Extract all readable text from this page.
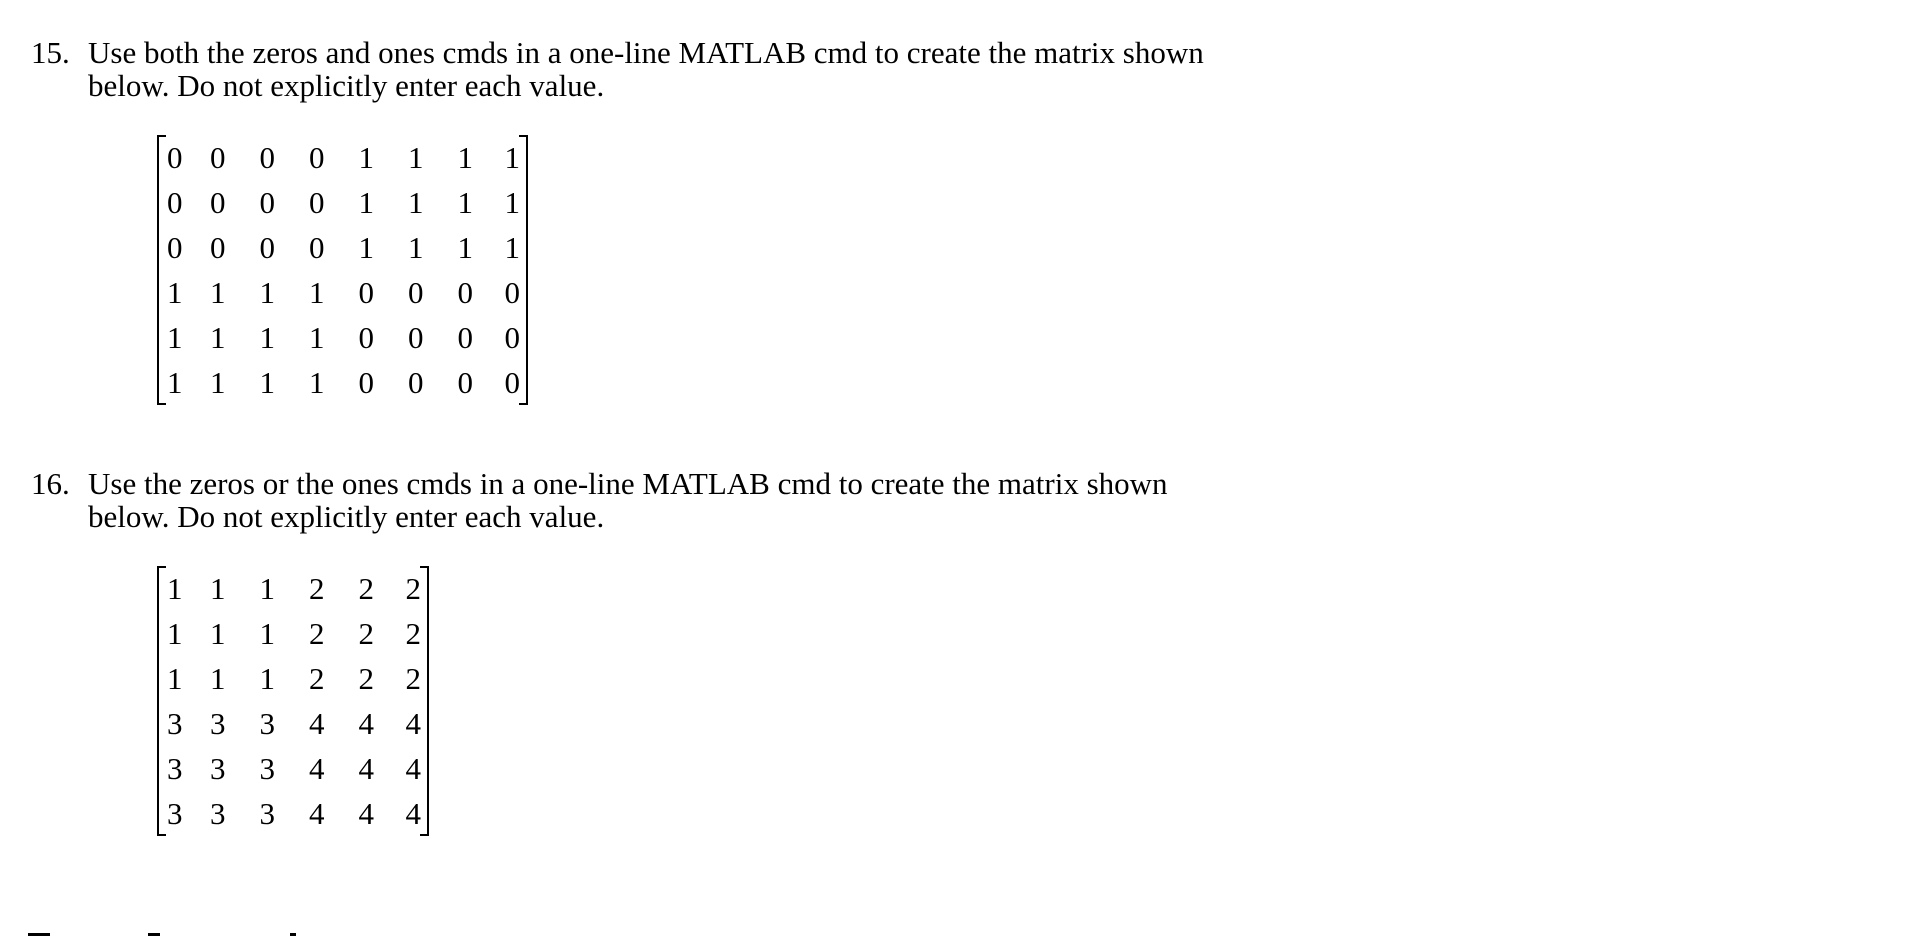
15. Use both the zeros and ones cmds in a one-line MATLAB cmd to create the matrix shown
below. Do not explicitly enter each value.
0	0	0	0	1	1	1	1
0	0	0	0	1	1	1	1
0	0	0	0	1	1	1	1
1	1	1	1	0	0	0	0
1	1	1	1	0	0	0	0
1	1	1	1	0	0	0	0
16. Use the zeros or the ones cmds in a one-line MATLAB cmd to create the matrix shown
below. Do not explicitly enter each value.
1	1	1	2	2	2
1	1	1	2	2	2
1	1	1	2	2	2
3	3	3	4	4	4
3	3	3	4	4	4
3	3	3	4	4	4
